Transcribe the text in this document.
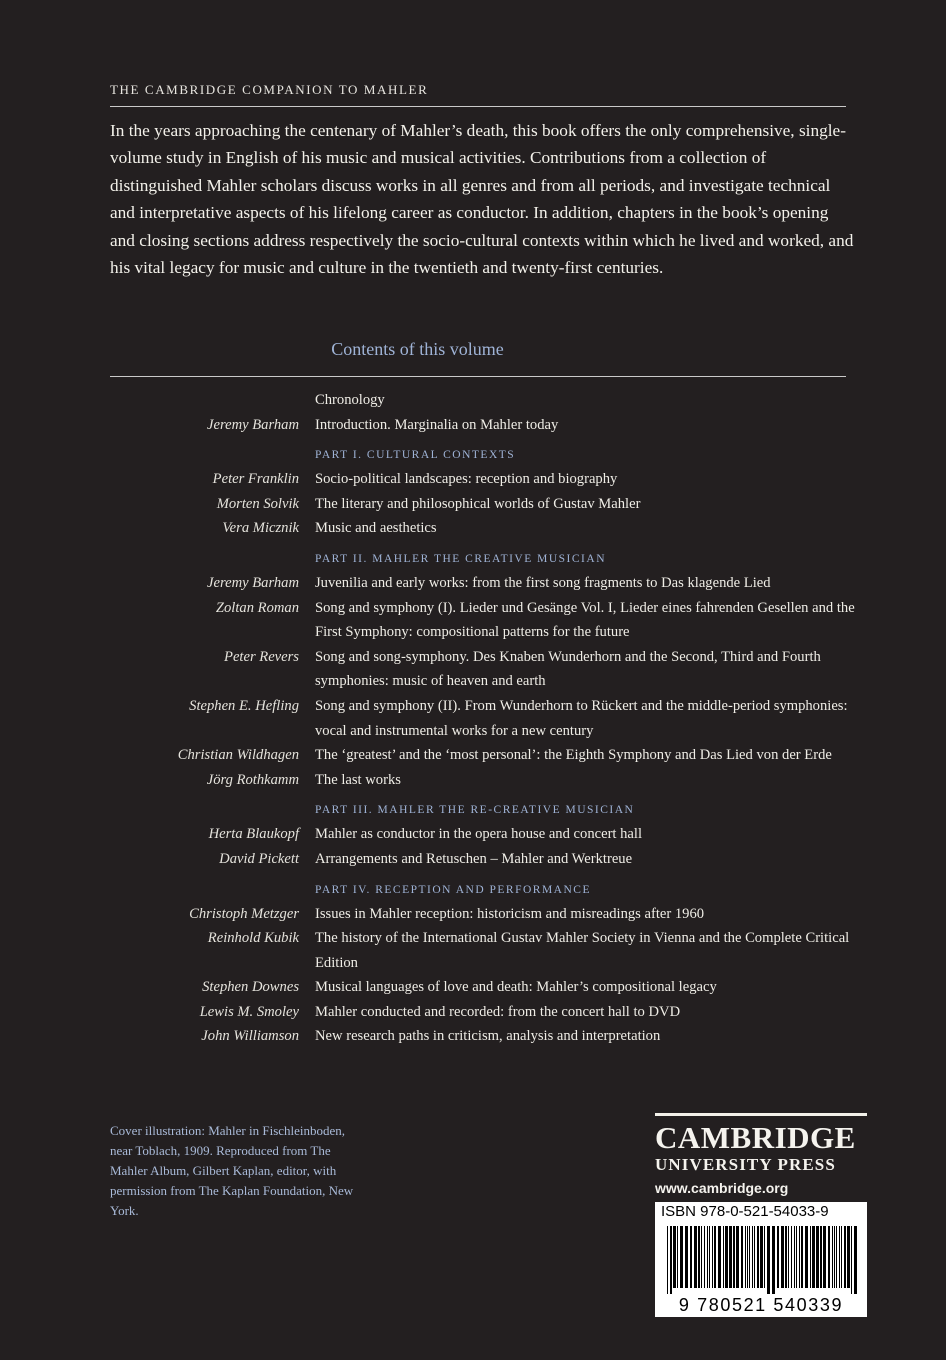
THE CAMBRIDGE COMPANION TO MAHLER

In the years approaching the centenary of Mahler’s death, this book offers the only comprehensive, single-volume study in English of his music and musical activities. Contributions from a collection of distinguished Mahler scholars discuss works in all genres and from all periods, and investigate technical and interpretative aspects of his lifelong career as conductor. In addition, chapters in the book’s opening and closing sections address respectively the socio-cultural contexts within which he lived and worked, and his vital legacy for music and culture in the twentieth and twenty-first centuries.

Contents of this volume
Chronology
Jeremy Barham	Introduction. Marginalia on Mahler today
PART I. CULTURAL CONTEXTS
Peter Franklin	Socio-political landscapes: reception and biography
Morten Solvik	The literary and philosophical worlds of Gustav Mahler
Vera Micznik	Music and aesthetics
PART II. MAHLER THE CREATIVE MUSICIAN
Jeremy Barham	Juvenilia and early works: from the first song fragments to Das klagende Lied
Zoltan Roman	Song and symphony (I). Lieder und Gesänge Vol. I, Lieder eines fahrenden Gesellen and the First Symphony: compositional patterns for the future
Peter Revers	Song and song-symphony. Des Knaben Wunderhorn and the Second, Third and Fourth symphonies: music of heaven and earth
Stephen E. Hefling	Song and symphony (II). From Wunderhorn to Rückert and the middle-period symphonies: vocal and instrumental works for a new century
Christian Wildhagen	The ‘greatest’ and the ‘most personal’: the Eighth Symphony and Das Lied von der Erde
Jörg Rothkamm	The last works
PART III. MAHLER THE RE-CREATIVE MUSICIAN
Herta Blaukopf	Mahler as conductor in the opera house and concert hall
David Pickett	Arrangements and Retuschen – Mahler and Werktreue
PART IV. RECEPTION AND PERFORMANCE
Christoph Metzger	Issues in Mahler reception: historicism and misreadings after 1960
Reinhold Kubik	The history of the International Gustav Mahler Society in Vienna and the Complete Critical Edition
Stephen Downes	Musical languages of love and death: Mahler’s compositional legacy
Lewis M. Smoley	Mahler conducted and recorded: from the concert hall to DVD
John Williamson	New research paths in criticism, analysis and interpretation
Cover illustration: Mahler in Fischleinboden, near Toblach, 1909. Reproduced from The Mahler Album, Gilbert Kaplan, editor, with permission from The Kaplan Foundation, New York.
CAMBRIDGE
UNIVERSITY PRESS
www.cambridge.org
ISBN 978-0-521-54033-9
9 780521 540339
